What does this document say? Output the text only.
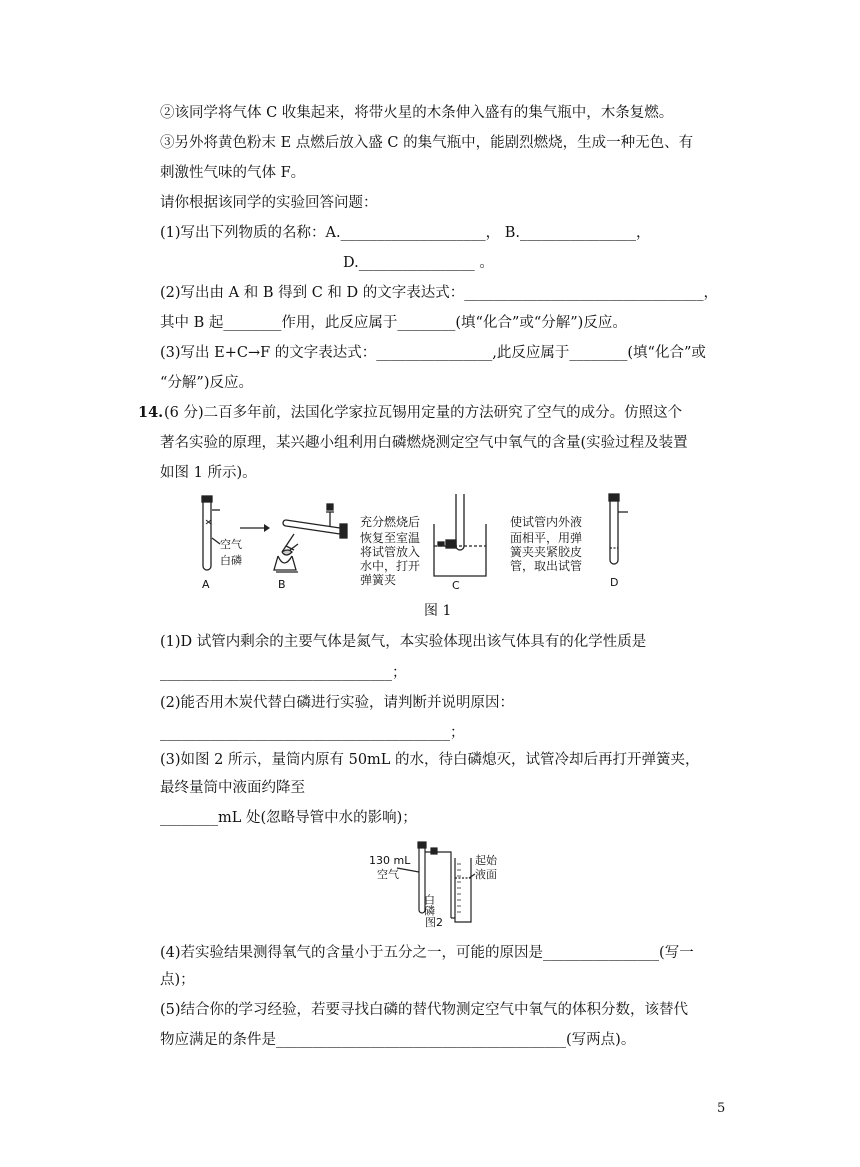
②该同学将气体 C 收集起来，将带火星的木条伸入盛有的集气瓶中，木条复燃。
③另外将黄色粉末 E 点燃后放入盛 C 的集气瓶中，能剧烈燃烧，生成一种无色、有
刺激性气味的气体 F。
请你根据该同学的实验回答问题：
(1)写出下列物质的名称：A.____________________， B.________________，
D.________________ 。
(2)写出由 A 和 B 得到 C 和 D 的文字表达式：_________________________________，
其中 B 起________作用，此反应属于________(填“化合”或“分解”)反应。
(3)写出 E+C→F 的文字表达式：________________,此反应属于________(填“化合”或
“分解”)反应。
14. (6 分)二百多年前，法国化学家拉瓦锡用定量的方法研究了空气的成分。仿照这个
著名实验的原理，某兴趣小组利用白磷燃烧测定空气中氧气的含量(实验过程及装置
如图 1 所示)。
空气
白磷
A	B
充分燃烧后
恢复至室温
将试管放入
水中，打开
弹簧夹	C
使试管内外液
面相平，用弹
簧夹夹紧胶皮
管，取出试管
D
图 1
(1)D 试管内剩余的主要气体是氮气，本实验体现出该气体具有的化学性质是
________________________________；
(2)能否用木炭代替白磷进行实验，请判断并说明原因：
________________________________________；
(3)如图 2 所示，量筒内原有 50mL 的水，待白磷熄灭，试管冷却后再打开弹簧夹，
最终量筒中液面约降至
________mL 处(忽略导管中水的影响)；
130 mL
空气
白磷
起始
液面
图2
(4)若实验结果测得氧气的含量小于五分之一，可能的原因是________________(写一
点)；
(5)结合你的学习经验，若要寻找白磷的替代物测定空气中氧气的体积分数，该替代
物应满足的条件是________________________________________(写两点)。
5
